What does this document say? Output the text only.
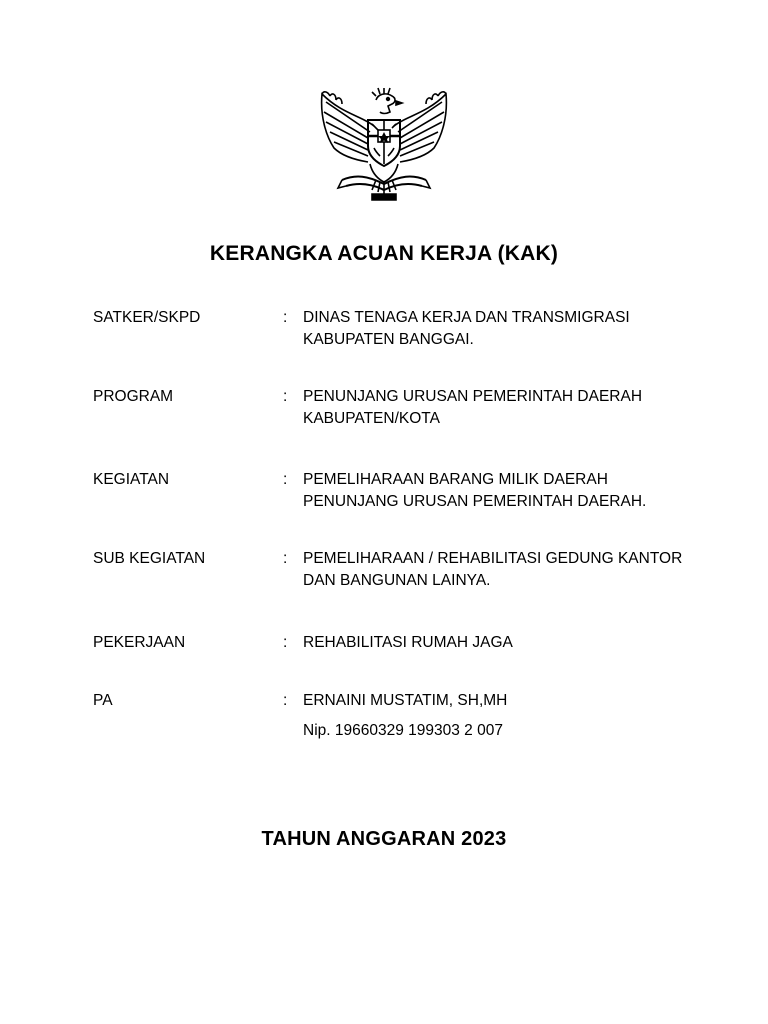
KERANGKA ACUAN KERJA (KAK)
SATKER/SKPD	: DINAS TENAGA KERJA DAN TRANSMIGRASI
KABUPATEN BANGGAI.
PROGRAM	: PENUNJANG URUSAN PEMERINTAH DAERAH
KABUPATEN/KOTA
KEGIATAN	: PEMELIHARAAN BARANG MILIK DAERAH
PENUNJANG URUSAN PEMERINTAH DAERAH.
SUB KEGIATAN	: PEMELIHARAAN / REHABILITASI GEDUNG KANTOR
DAN BANGUNAN LAINYA.
PEKERJAAN	: REHABILITASI RUMAH JAGA
PA	: ERNAINI MUSTATIM, SH,MH
Nip. 19660329 199303 2 007
TAHUN ANGGARAN 2023
